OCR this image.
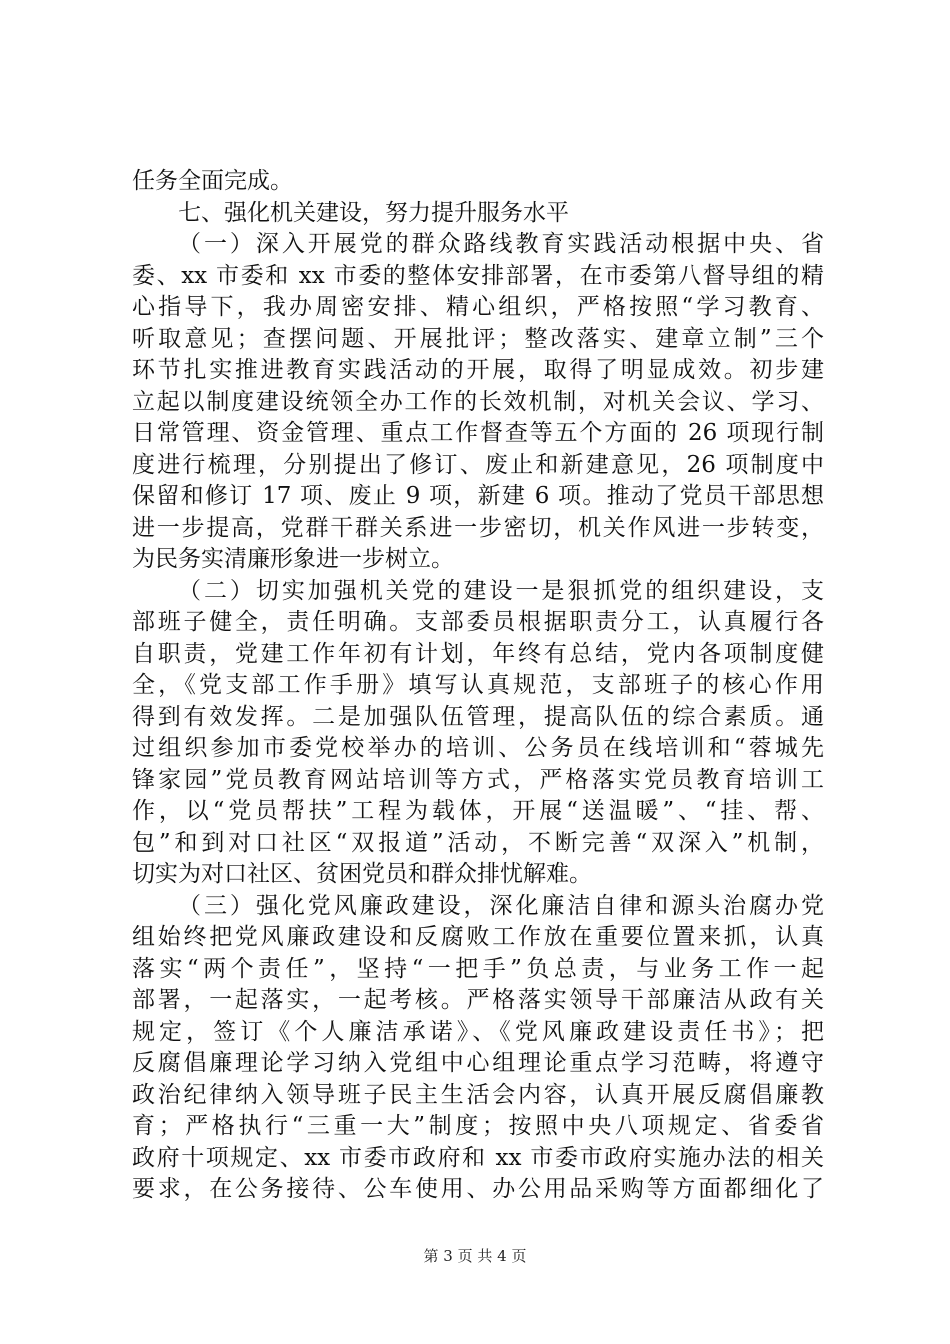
任务全面完成。
七、强化机关建设，努力提升服务水平
（一）深入开展党的群众路线教育实践活动根据中央、省
委、xx 市委和 xx 市委的整体安排部署，在市委第八督导组的精
心指导下，我办周密安排、精心组织，严格按照“学习教育、
听取意见；查摆问题、开展批评；整改落实、建章立制”三个
环节扎实推进教育实践活动的开展，取得了明显成效。初步建
立起以制度建设统领全办工作的长效机制，对机关会议、学习、
日常管理、资金管理、重点工作督查等五个方面的 26 项现行制
度进行梳理，分别提出了修订、废止和新建意见，26 项制度中
保留和修订 17 项、废止 9 项，新建 6 项。推动了党员干部思想
进一步提高，党群干群关系进一步密切，机关作风进一步转变，
为民务实清廉形象进一步树立。
（二）切实加强机关党的建设一是狠抓党的组织建设，支
部班子健全，责任明确。支部委员根据职责分工，认真履行各
自职责，党建工作年初有计划，年终有总结，党内各项制度健
全，《党支部工作手册》填写认真规范，支部班子的核心作用
得到有效发挥。二是加强队伍管理，提高队伍的综合素质。通
过组织参加市委党校举办的培训、公务员在线培训和“蓉城先
锋家园”党员教育网站培训等方式，严格落实党员教育培训工
作，以“党员帮扶”工程为载体，开展“送温暖”、“挂、帮、
包”和到对口社区“双报道”活动，不断完善“双深入”机制，
切实为对口社区、贫困党员和群众排忧解难。
（三）强化党风廉政建设，深化廉洁自律和源头治腐办党
组始终把党风廉政建设和反腐败工作放在重要位置来抓，认真
落实“两个责任”，坚持“一把手”负总责，与业务工作一起
部署，一起落实，一起考核。严格落实领导干部廉洁从政有关
规定，签订《个人廉洁承诺》、《党风廉政建设责任书》；把
反腐倡廉理论学习纳入党组中心组理论重点学习范畴，将遵守
政治纪律纳入领导班子民主生活会内容，认真开展反腐倡廉教
育；严格执行“三重一大”制度；按照中央八项规定、省委省
政府十项规定、xx 市委市政府和 xx 市委市政府实施办法的相关
要求，在公务接待、公车使用、办公用品采购等方面都细化了
第 3 页 共 4 页
